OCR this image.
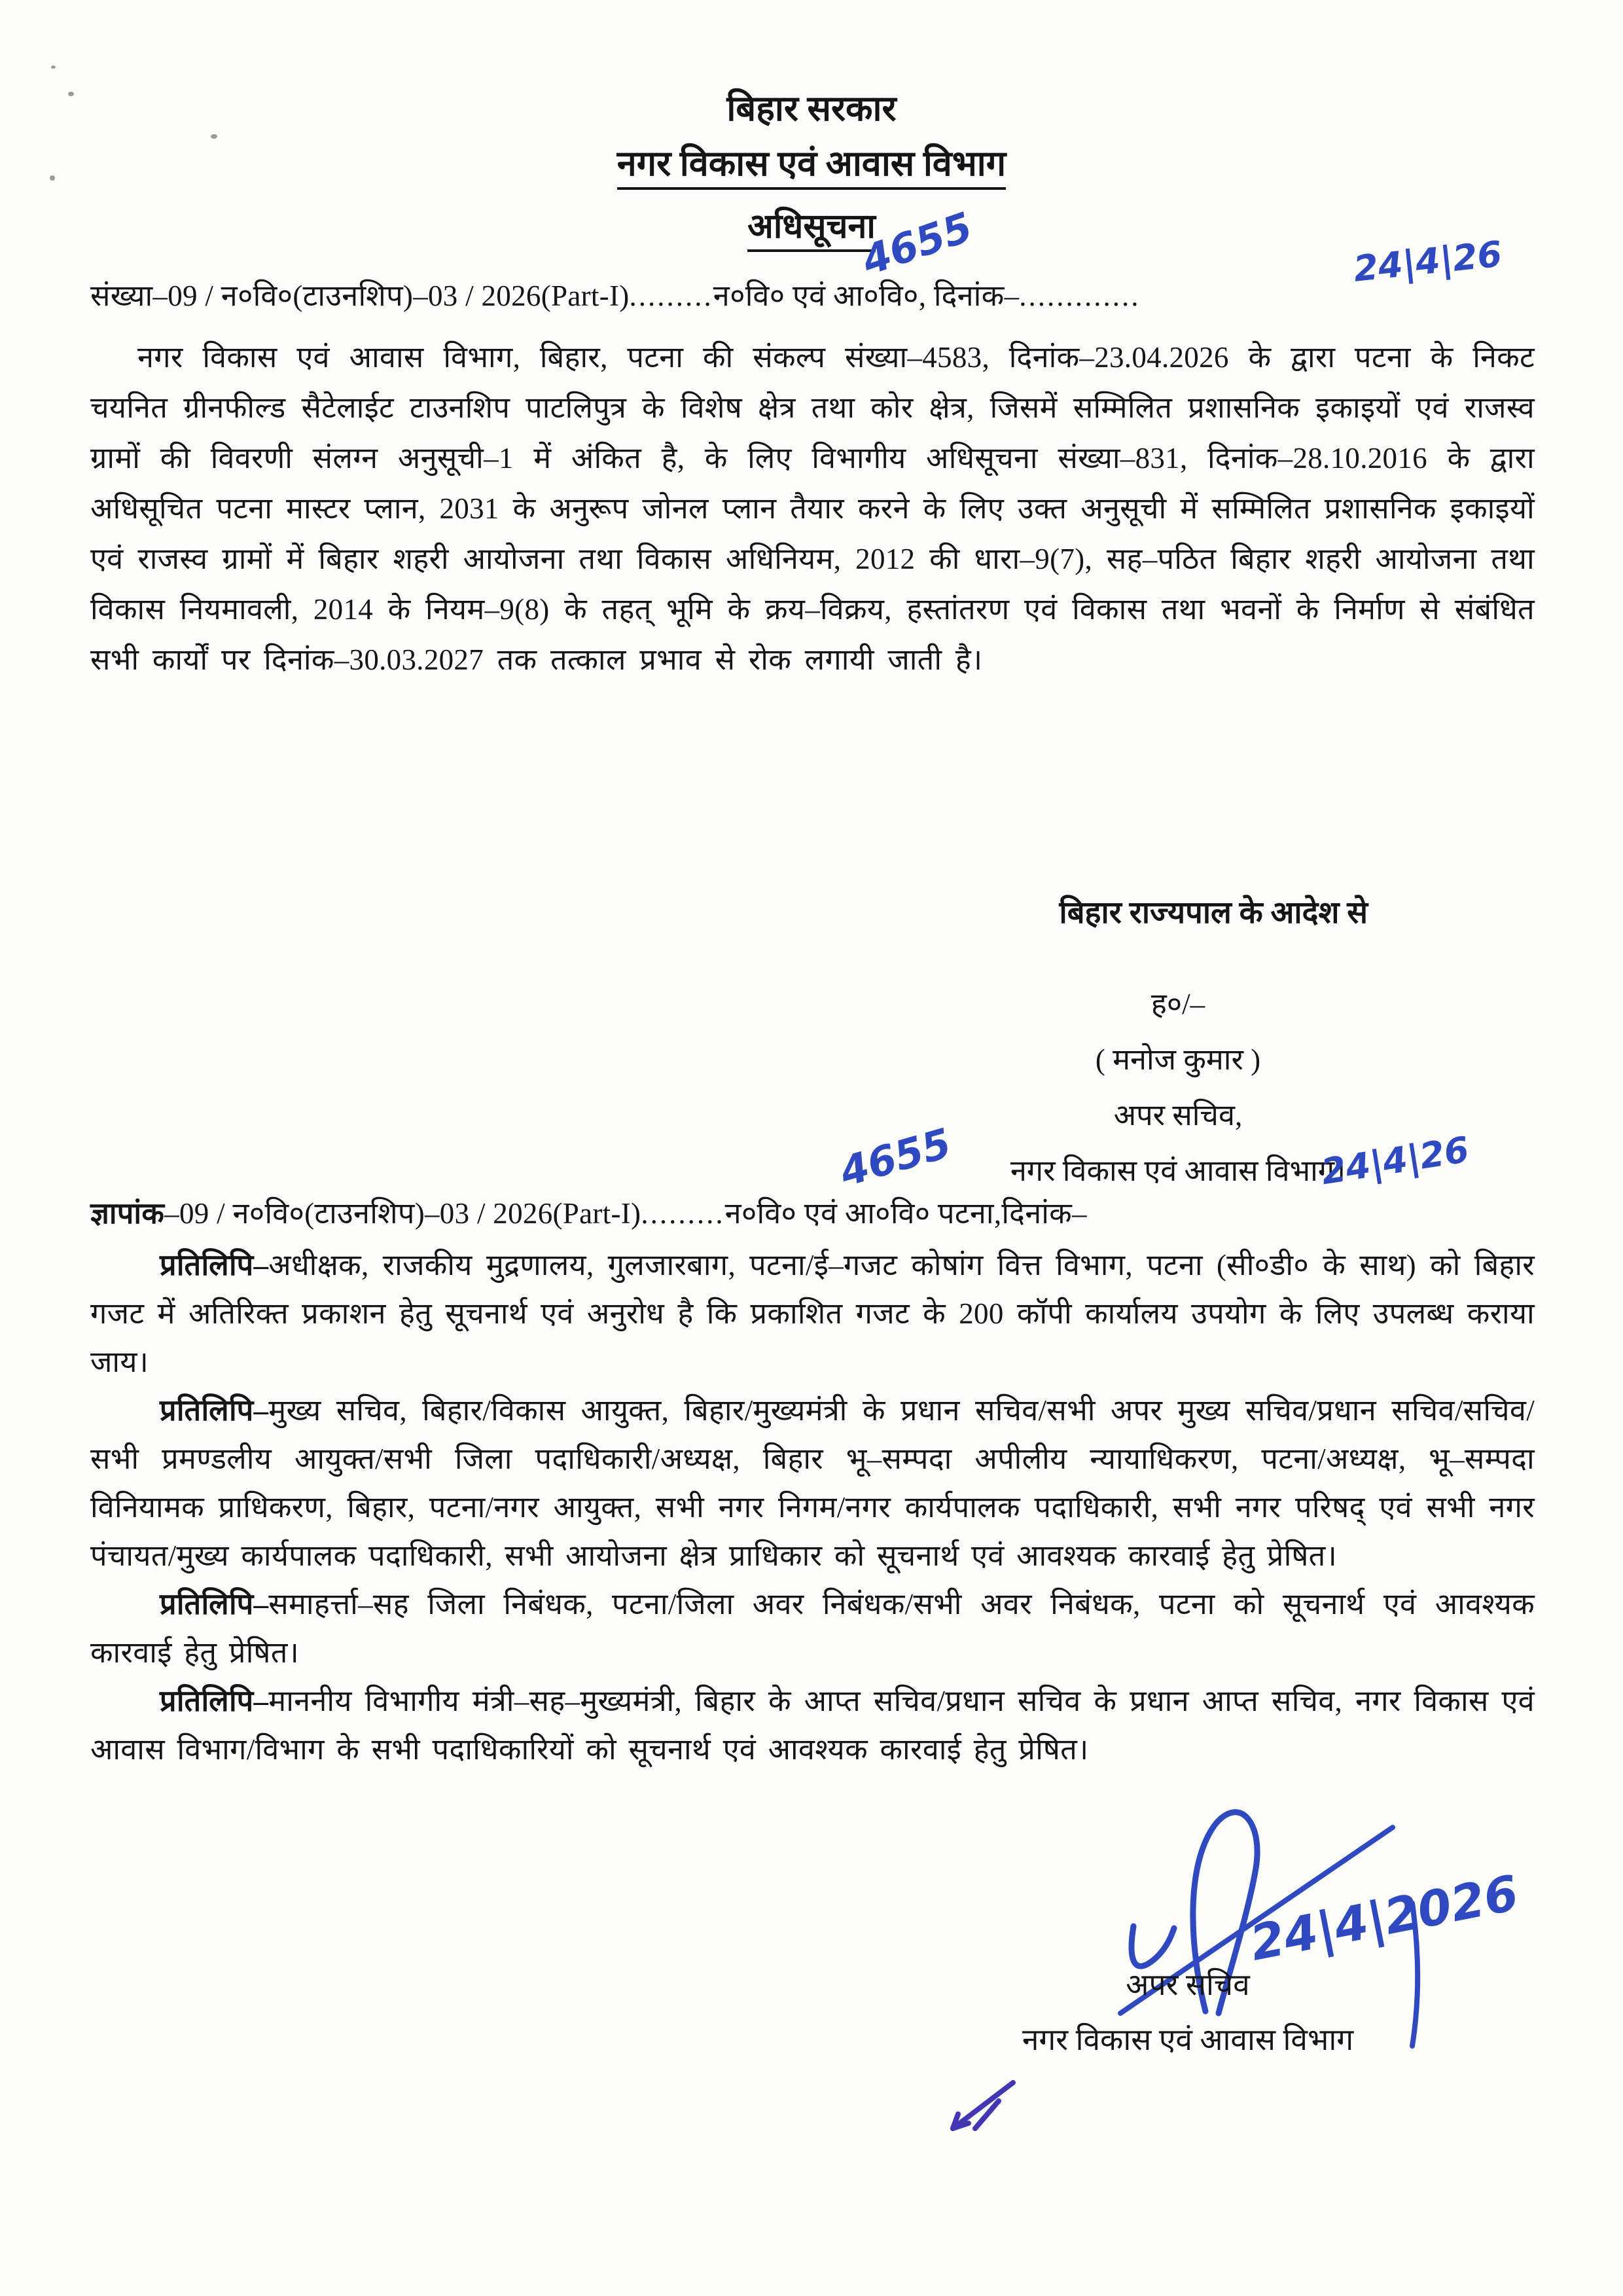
बिहार सरकार
नगर विकास एवं आवास विभाग
अधिसूचना
संख्या–09 / न०वि०(टाउनशिप)–03 / 2026(Part-I).........न०वि० एवं आ०वि०, दिनांक–.............
4655	24|4|26

नगर विकास एवं आवास विभाग, बिहार, पटना की संकल्प संख्या–4583, दिनांक–23.04.2026 के द्वारा पटना के निकट चयनित ग्रीनफील्ड सैटेलाईट टाउनशिप पाटलिपुत्र के विशेष क्षेत्र तथा कोर क्षेत्र, जिसमें सम्मिलित प्रशासनिक इकाइयों एवं राजस्व ग्रामों की विवरणी संलग्न अनुसूची–1 में अंकित है, के लिए विभागीय अधिसूचना संख्या–831, दिनांक–28.10.2016 के द्वारा अधिसूचित पटना मास्टर प्लान, 2031 के अनुरूप जोनल प्लान तैयार करने के लिए उक्त अनुसूची में सम्मिलित प्रशासनिक इकाइयों एवं राजस्व ग्रामों में बिहार शहरी आयोजना तथा विकास अधिनियम, 2012 की धारा–9(7), सह–पठित बिहार शहरी आयोजना तथा विकास नियमावली, 2014 के नियम–9(8) के तहत् भूमि के क्रय–विक्रय, हस्तांतरण एवं विकास तथा भवनों के निर्माण से संबंधित सभी कार्यों पर दिनांक–30.03.2027 तक तत्काल प्रभाव से रोक लगायी जाती है।

बिहार राज्यपाल के आदेश से
ह०/–
( मनोज कुमार )
अपर सचिव,
नगर विकास एवं आवास विभाग।
4655	24|4|26
ज्ञापांक–09 / न०वि०(टाउनशिप)–03 / 2026(Part-I).........न०वि० एवं आ०वि० पटना,दिनांक–

प्रतिलिपि–अधीक्षक, राजकीय मुद्रणालय, गुलजारबाग, पटना/ई–गजट कोषांग वित्त विभाग, पटना (सी०डी० के साथ) को बिहार गजट में अतिरिक्त प्रकाशन हेतु सूचनार्थ एवं अनुरोध है कि प्रकाशित गजट के 200 कॉपी कार्यालय उपयोग के लिए उपलब्ध कराया जाय।

प्रतिलिपि–मुख्य सचिव, बिहार/विकास आयुक्त, बिहार/मुख्यमंत्री के प्रधान सचिव/सभी अपर मुख्य सचिव/प्रधान सचिव/सचिव/सभी प्रमण्डलीय आयुक्त/सभी जिला पदाधिकारी/अध्यक्ष, बिहार भू–सम्पदा अपीलीय न्यायाधिकरण, पटना/अध्यक्ष, भू–सम्पदा विनियामक प्राधिकरण, बिहार, पटना/नगर आयुक्त, सभी नगर निगम/नगर कार्यपालक पदाधिकारी, सभी नगर परिषद् एवं सभी नगर पंचायत/मुख्य कार्यपालक पदाधिकारी, सभी आयोजना क्षेत्र प्राधिकार को सूचनार्थ एवं आवश्यक कारवाई हेतु प्रेषित।

प्रतिलिपि–समाहर्त्ता–सह जिला निबंधक, पटना/जिला अवर निबंधक/सभी अवर निबंधक, पटना को सूचनार्थ एवं आवश्यक कारवाई हेतु प्रेषित।

प्रतिलिपि–माननीय विभागीय मंत्री–सह–मुख्यमंत्री, बिहार के आप्त सचिव/प्रधान सचिव के प्रधान आप्त सचिव, नगर विकास एवं आवास विभाग/विभाग के सभी पदाधिकारियों को सूचनार्थ एवं आवश्यक कारवाई हेतु प्रेषित।

24|4|2026
अपर सचिव
नगर विकास एवं आवास विभाग
